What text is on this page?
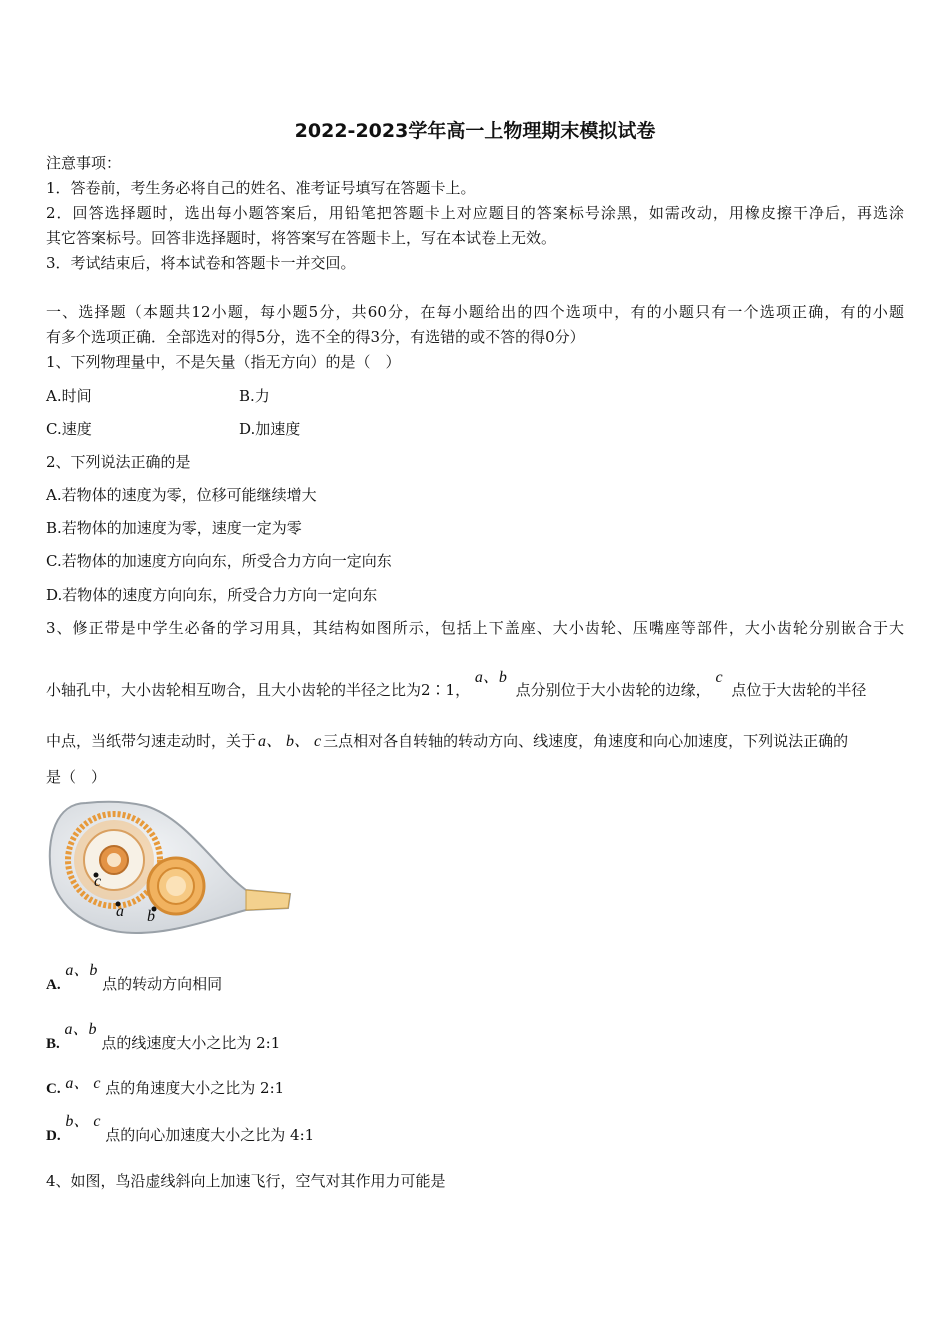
2022-2023学年高一上物理期末模拟试卷
注意事项：
1．答卷前，考生务必将自己的姓名、准考证号填写在答题卡上。
2．回答选择题时，选出每小题答案后，用铅笔把答题卡上对应题目的答案标号涂黑，如需改动，用橡皮擦干净后，再选涂
其它答案标号。回答非选择题时，将答案写在答题卡上，写在本试卷上无效。
3．考试结束后，将本试卷和答题卡一并交回。
一、选择题（本题共12小题，每小题5分，共60分，在每小题给出的四个选项中，有的小题只有一个选项正确，有的小题
有多个选项正确．全部选对的得5分，选不全的得3分，有选错的或不答的得0分）
1、下列物理量中，不是矢量（指无方向）的是（　）
A.时间	B.力
C.速度	D.加速度
2、下列说法正确的是
A.若物体的速度为零，位移可能继续增大
B.若物体的加速度为零，速度一定为零
C.若物体的加速度方向向东，所受合力方向一定向东
D.若物体的速度方向向东，所受合力方向一定向东
3、修正带是中学生必备的学习用具，其结构如图所示，包括上下盖座、大小齿轮、压嘴座等部件，大小齿轮分别嵌合于大
小轴孔中，大小齿轮相互吻合，且大小齿轮的半径之比为2∶1， a、b 点分别位于大小齿轮的边缘， c 点位于大齿轮的半径
中点，当纸带匀速走动时，关于 a、 b、 c 三点相对各自转轴的转动方向、线速度，角速度和向心加速度，下列说法正确的
是（　）
c
a b
A. a、b 点的转动方向相同
B. a、b 点的线速度大小之比为 2:1
C. a、 c 点的角速度大小之比为 2:1
D. b、 c 点的向心加速度大小之比为 4:1
4、如图，鸟沿虚线斜向上加速飞行，空气对其作用力可能是
